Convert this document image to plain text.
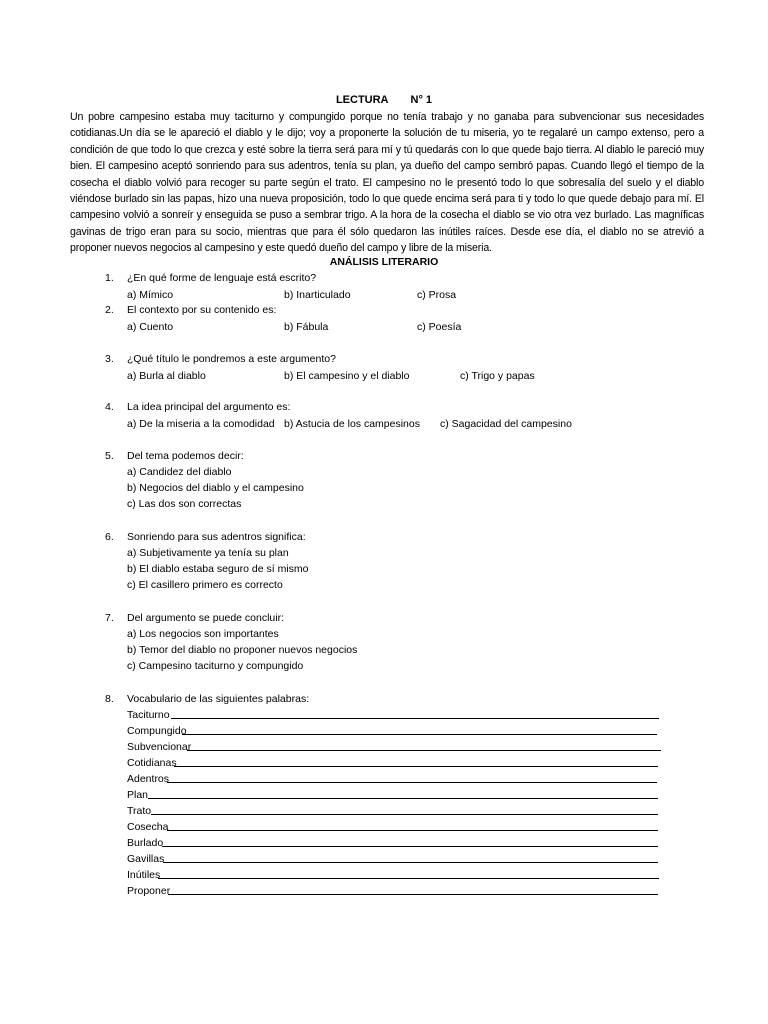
LECTURA N° 1
Un pobre campesino estaba muy taciturno y compungido porque no tenía trabajo y no ganaba para subvencionar sus necesidades cotidianas.Un día se le apareció el diablo y le dijo; voy a proponerte la solución de tu miseria, yo te regalaré un campo extenso, pero a condición de que todo lo que crezca y esté sobre la tierra será para mí y tú quedarás con lo que quede bajo tierra. Al diablo le pareció muy bien. El campesino aceptó sonriendo para sus adentros, tenía su plan, ya dueño del campo sembró papas. Cuando llegó el tiempo de la cosecha el diablo volvió para recoger su parte según el trato. El campesino no le presentó todo lo que sobresalía del suelo y el diablo viéndose burlado sin las papas, hizo una nueva proposición, todo lo que quede encima será para ti y todo lo que quede debajo para mí. El campesino volvió a sonreír y enseguida se puso a sembrar trigo. A la hora de la cosecha el diablo se vio otra vez burlado. Las magníficas gavinas de trigo eran para su socio, mientras que para él sólo quedaron las inútiles raíces. Desde ese día, el diablo no se atrevió a proponer nuevos negocios al campesino y este quedó dueño del campo y libre de la miseria.
ANÁLISIS LITERARIO
1. ¿En qué forme de lenguaje está escrito?
a) Mímico	b) Inarticulado	c) Prosa
2. El contexto por su contenido es:
a) Cuento	b) Fábula	c) Poesía
3. ¿Qué título le pondremos a este argumento?
a) Burla al diablo	b) El campesino y el diablo	c) Trigo y papas
4. La idea principal del argumento es:
a) De la miseria a la comodidad b) Astucia de los campesinos c) Sagacidad del campesino
5. Del tema podemos decir:
a) Candidez del diablo
b) Negocios del diablo y el campesino
c) Las dos son correctas
6. Sonriendo para sus adentros significa:
a) Subjetivamente ya tenía su plan
b) El diablo estaba seguro de sí mismo
c) El casillero primero es correcto
7. Del argumento se puede concluir:
a) Los negocios son importantes
b) Temor del diablo no proponer nuevos negocios
c) Campesino taciturno y compungido
8. Vocabulario de las siguientes palabras:
Taciturno
Compungido
Subvencionar
Cotidianas
Adentros
Plan
Trato
Cosecha
Burlado
Gavillas
Inútiles
Proponer
